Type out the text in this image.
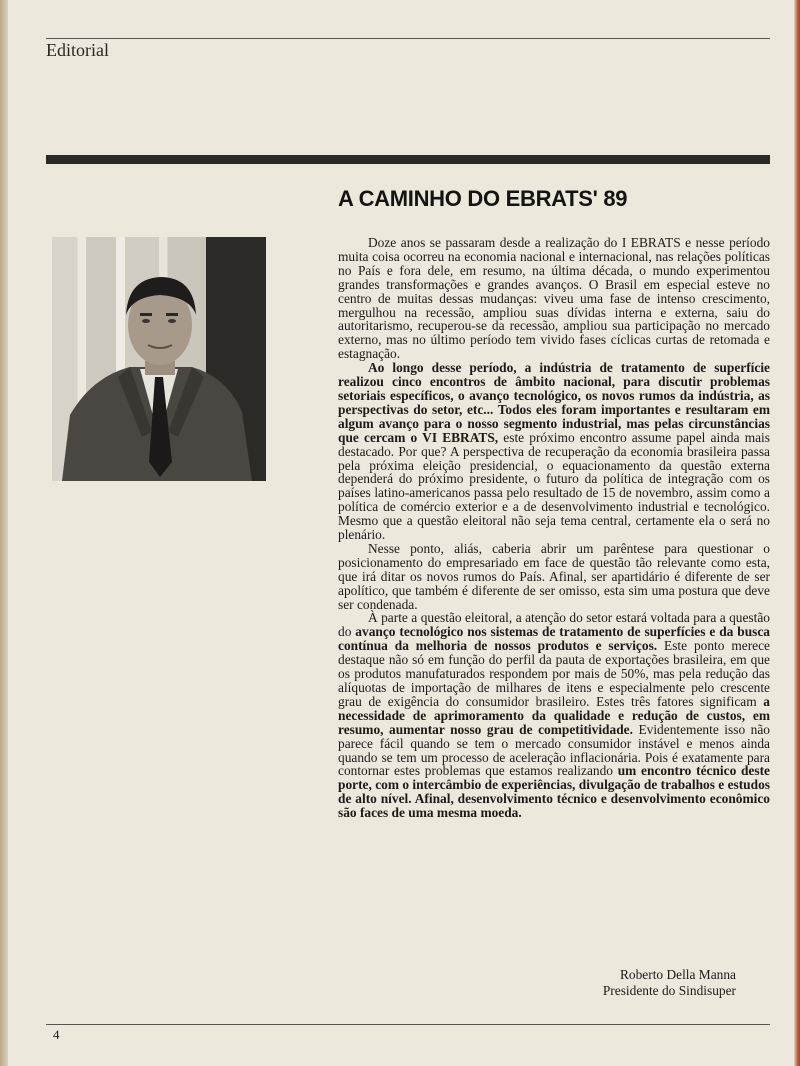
Editorial
A CAMINHO DO EBRATS' 89

Doze anos se passaram desde a realização do I EBRATS e nesse período muita coisa ocorreu na economia nacional e internacional, nas relações políticas no País e fora dele, em resumo, na última década, o mundo experimentou grandes transformações e grandes avanços. O Brasil em especial esteve no centro de muitas dessas mudanças: viveu uma fase de intenso crescimento, mergulhou na recessão, ampliou suas dívidas interna e externa, saiu do autoritarismo, recuperou-se da recessão, ampliou sua participação no mercado externo, mas no último período tem vivido fases cíclicas curtas de retomada e estagnação.

Ao longo desse período, a indústria de tratamento de superfície realizou cinco encontros de âmbito nacional, para discutir problemas setoriais específicos, o avanço tecnológico, os novos rumos da indústria, as perspectivas do setor, etc... Todos eles foram importantes e resultaram em algum avanço para o nosso segmento industrial, mas pelas circunstâncias que cercam o VI EBRATS, este próximo encontro assume papel ainda mais destacado. Por que? A perspectiva de recuperação da economia brasileira passa pela próxima eleição presidencial, o equacionamento da questão externa dependerá do próximo presidente, o futuro da política de integração com os países latino-americanos passa pelo resultado de 15 de novembro, assim como a política de comércio exterior e a de desenvolvimento industrial e tecnológico. Mesmo que a questão eleitoral não seja tema central, certamente ela o será no plenário.

Nesse ponto, aliás, caberia abrir um parêntese para questionar o posicionamento do empresariado em face de questão tão relevante como esta, que irá ditar os novos rumos do País. Afinal, ser apartidário é diferente de ser apolítico, que também é diferente de ser omisso, esta sim uma postura que deve ser condenada.

À parte a questão eleitoral, a atenção do setor estará voltada para a questão do avanço tecnológico nos sistemas de tratamento de superfícies e da busca contínua da melhoria de nossos produtos e serviços. Este ponto merece destaque não só em função do perfil da pauta de exportações brasileira, em que os produtos manufaturados respondem por mais de 50%, mas pela redução das alíquotas de importação de milhares de itens e especialmente pelo crescente grau de exigência do consumidor brasileiro. Estes três fatores significam a necessidade de aprimoramento da qualidade e redução de custos, em resumo, aumentar nosso grau de competitividade. Evidentemente isso não parece fácil quando se tem o mercado consumidor instável e menos ainda quando se tem um processo de aceleração inflacionária. Pois é exatamente para contornar estes problemas que estamos realizando um encontro técnico deste porte, com o intercâmbio de experiências, divulgação de trabalhos e estudos de alto nível. Afinal, desenvolvimento técnico e desenvolvimento econômico são faces de uma mesma moeda.

Roberto Della Manna
Presidente do Sindisuper
4
